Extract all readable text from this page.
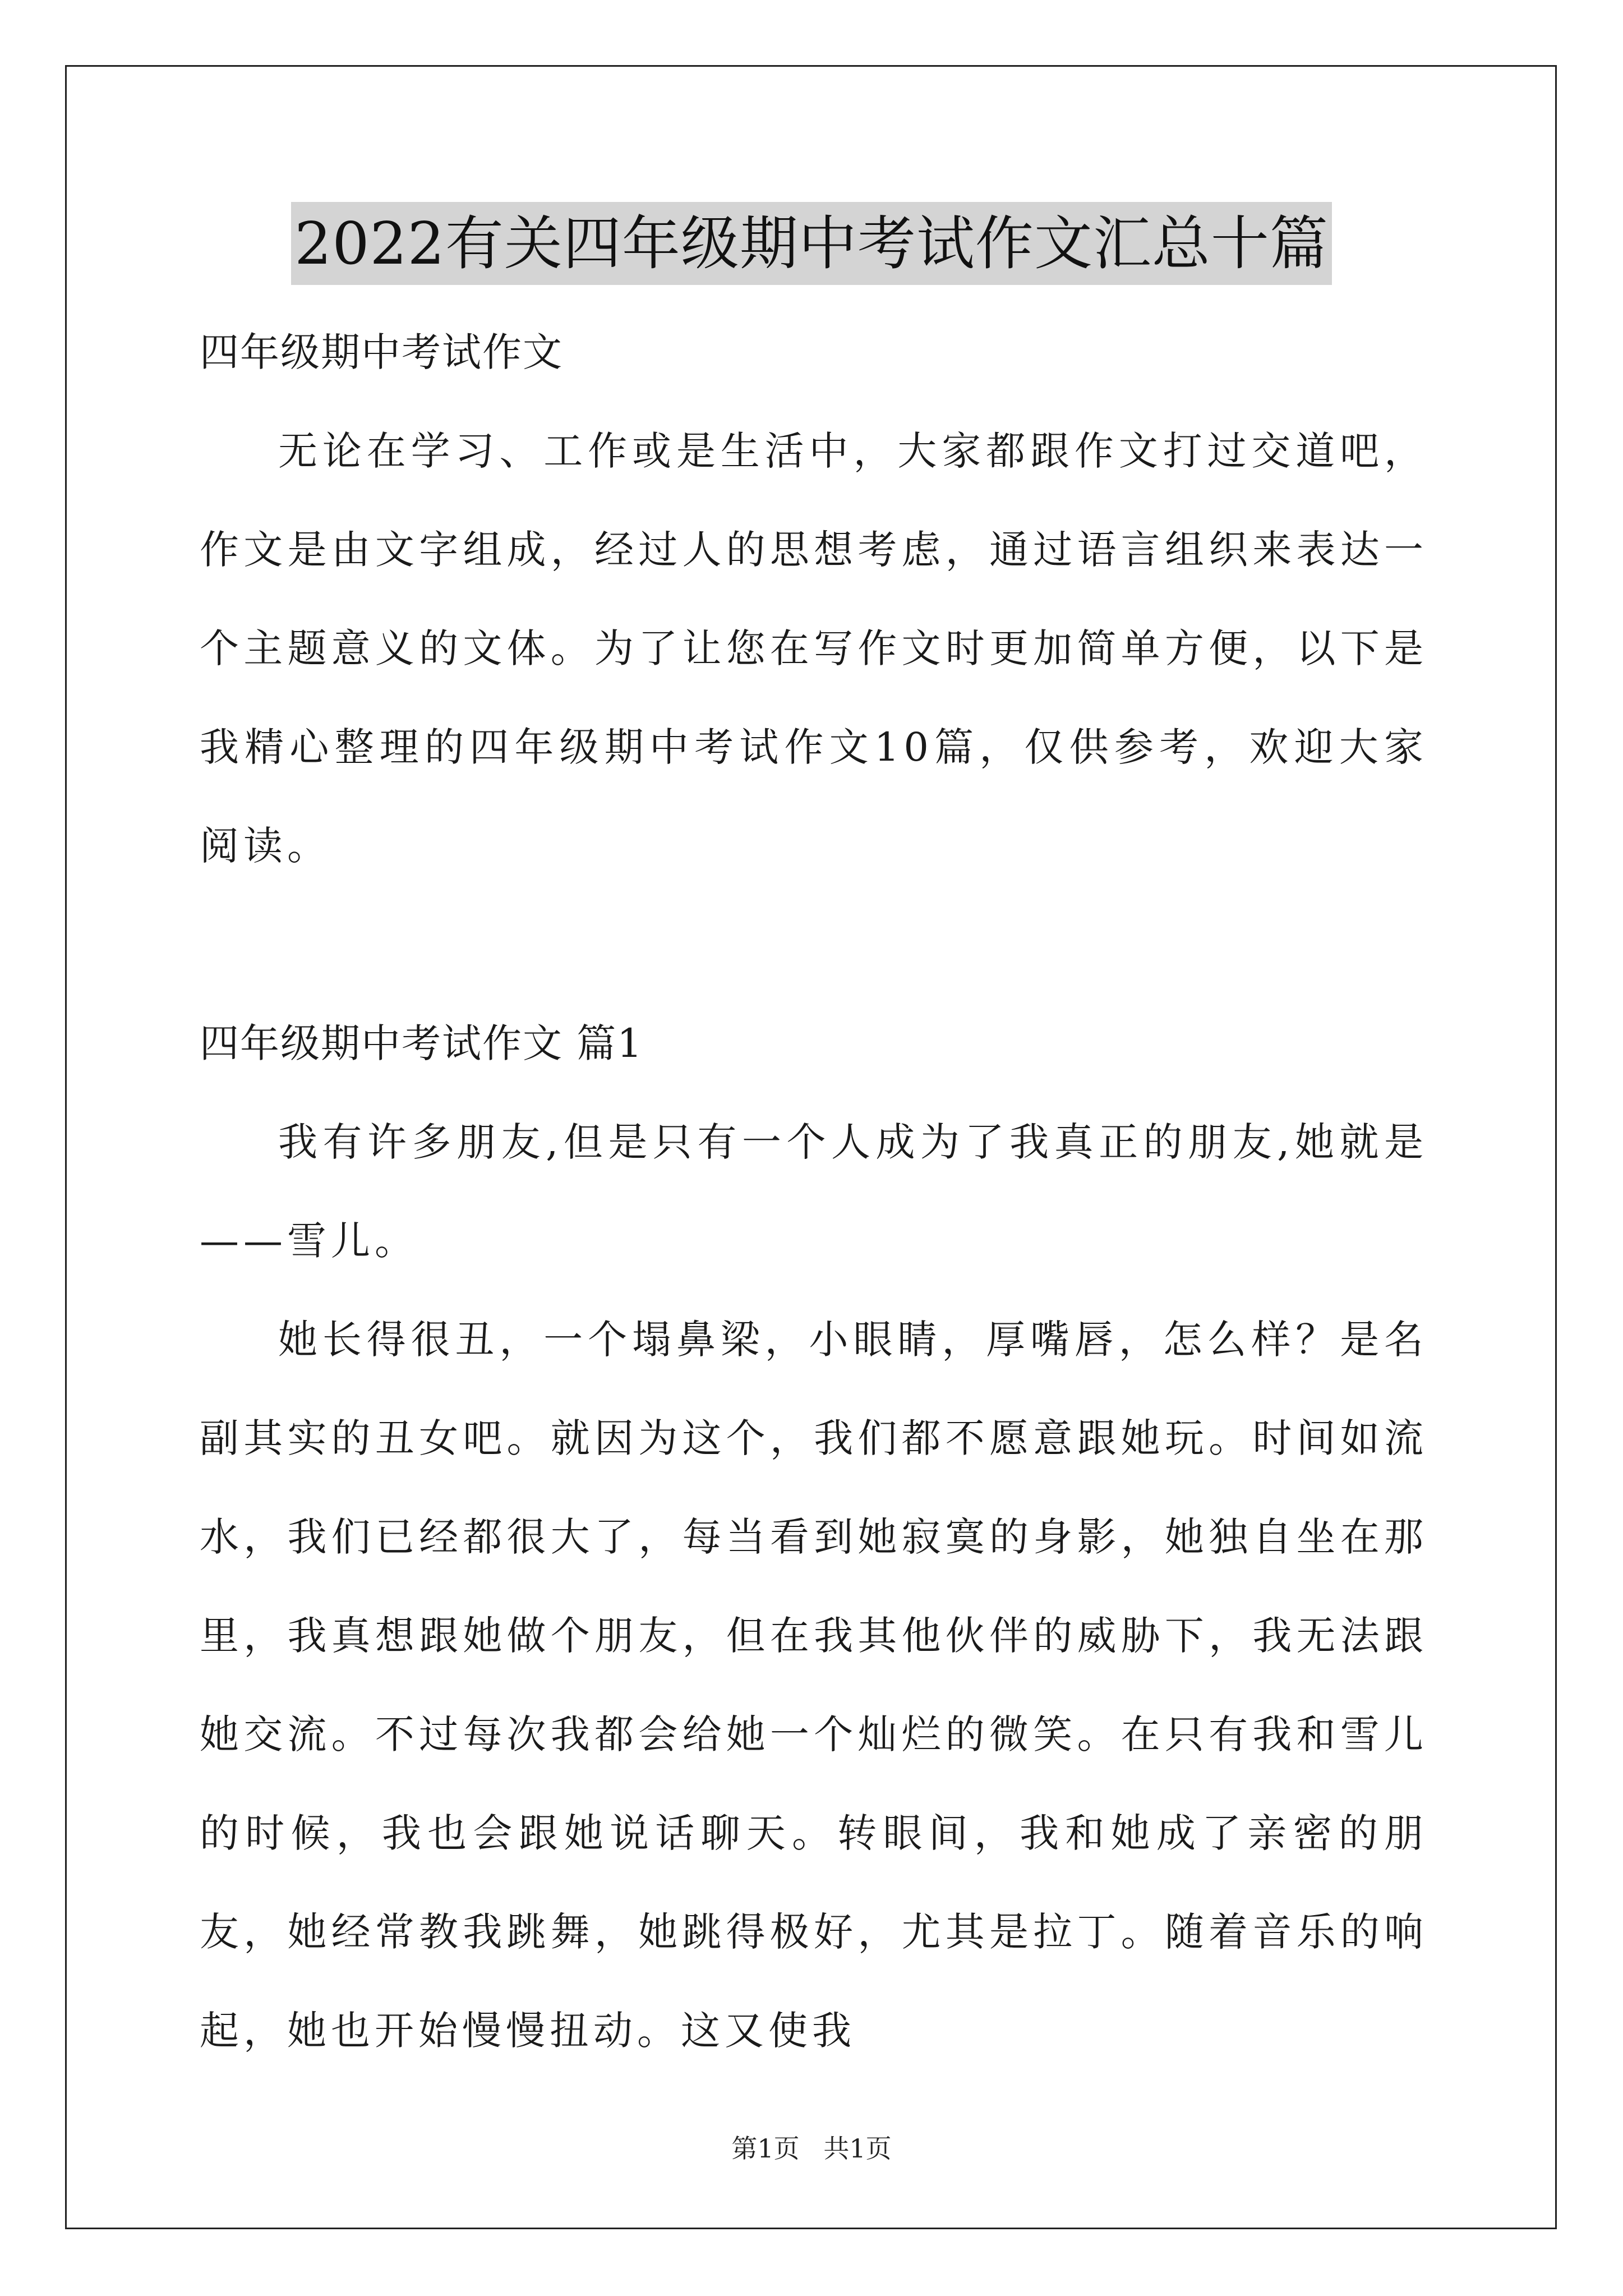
2022有关四年级期中考试作文汇总十篇
四年级期中考试作文
无论在学习、工作或是生活中，大家都跟作文打过交道吧，作文是由文字组成，经过人的思想考虑，通过语言组织来表达一个主题意义的文体。为了让您在写作文时更加简单方便，以下是我精心整理的四年级期中考试作文10篇，仅供参考，欢迎大家阅读。
四年级期中考试作文 篇1
我有许多朋友,但是只有一个人成为了我真正的朋友,她就是——雪儿。
她长得很丑，一个塌鼻梁，小眼睛，厚嘴唇，怎么样？是名副其实的丑女吧。就因为这个，我们都不愿意跟她玩。时间如流水，我们已经都很大了，每当看到她寂寞的身影，她独自坐在那里，我真想跟她做个朋友，但在我其他伙伴的威胁下，我无法跟她交流。不过每次我都会给她一个灿烂的微笑。在只有我和雪儿的时候，我也会跟她说话聊天。转眼间，我和她成了亲密的朋友，她经常教我跳舞，她跳得极好，尤其是拉丁。随着音乐的响起，她也开始慢慢扭动。这又使我
第1页 共1页
